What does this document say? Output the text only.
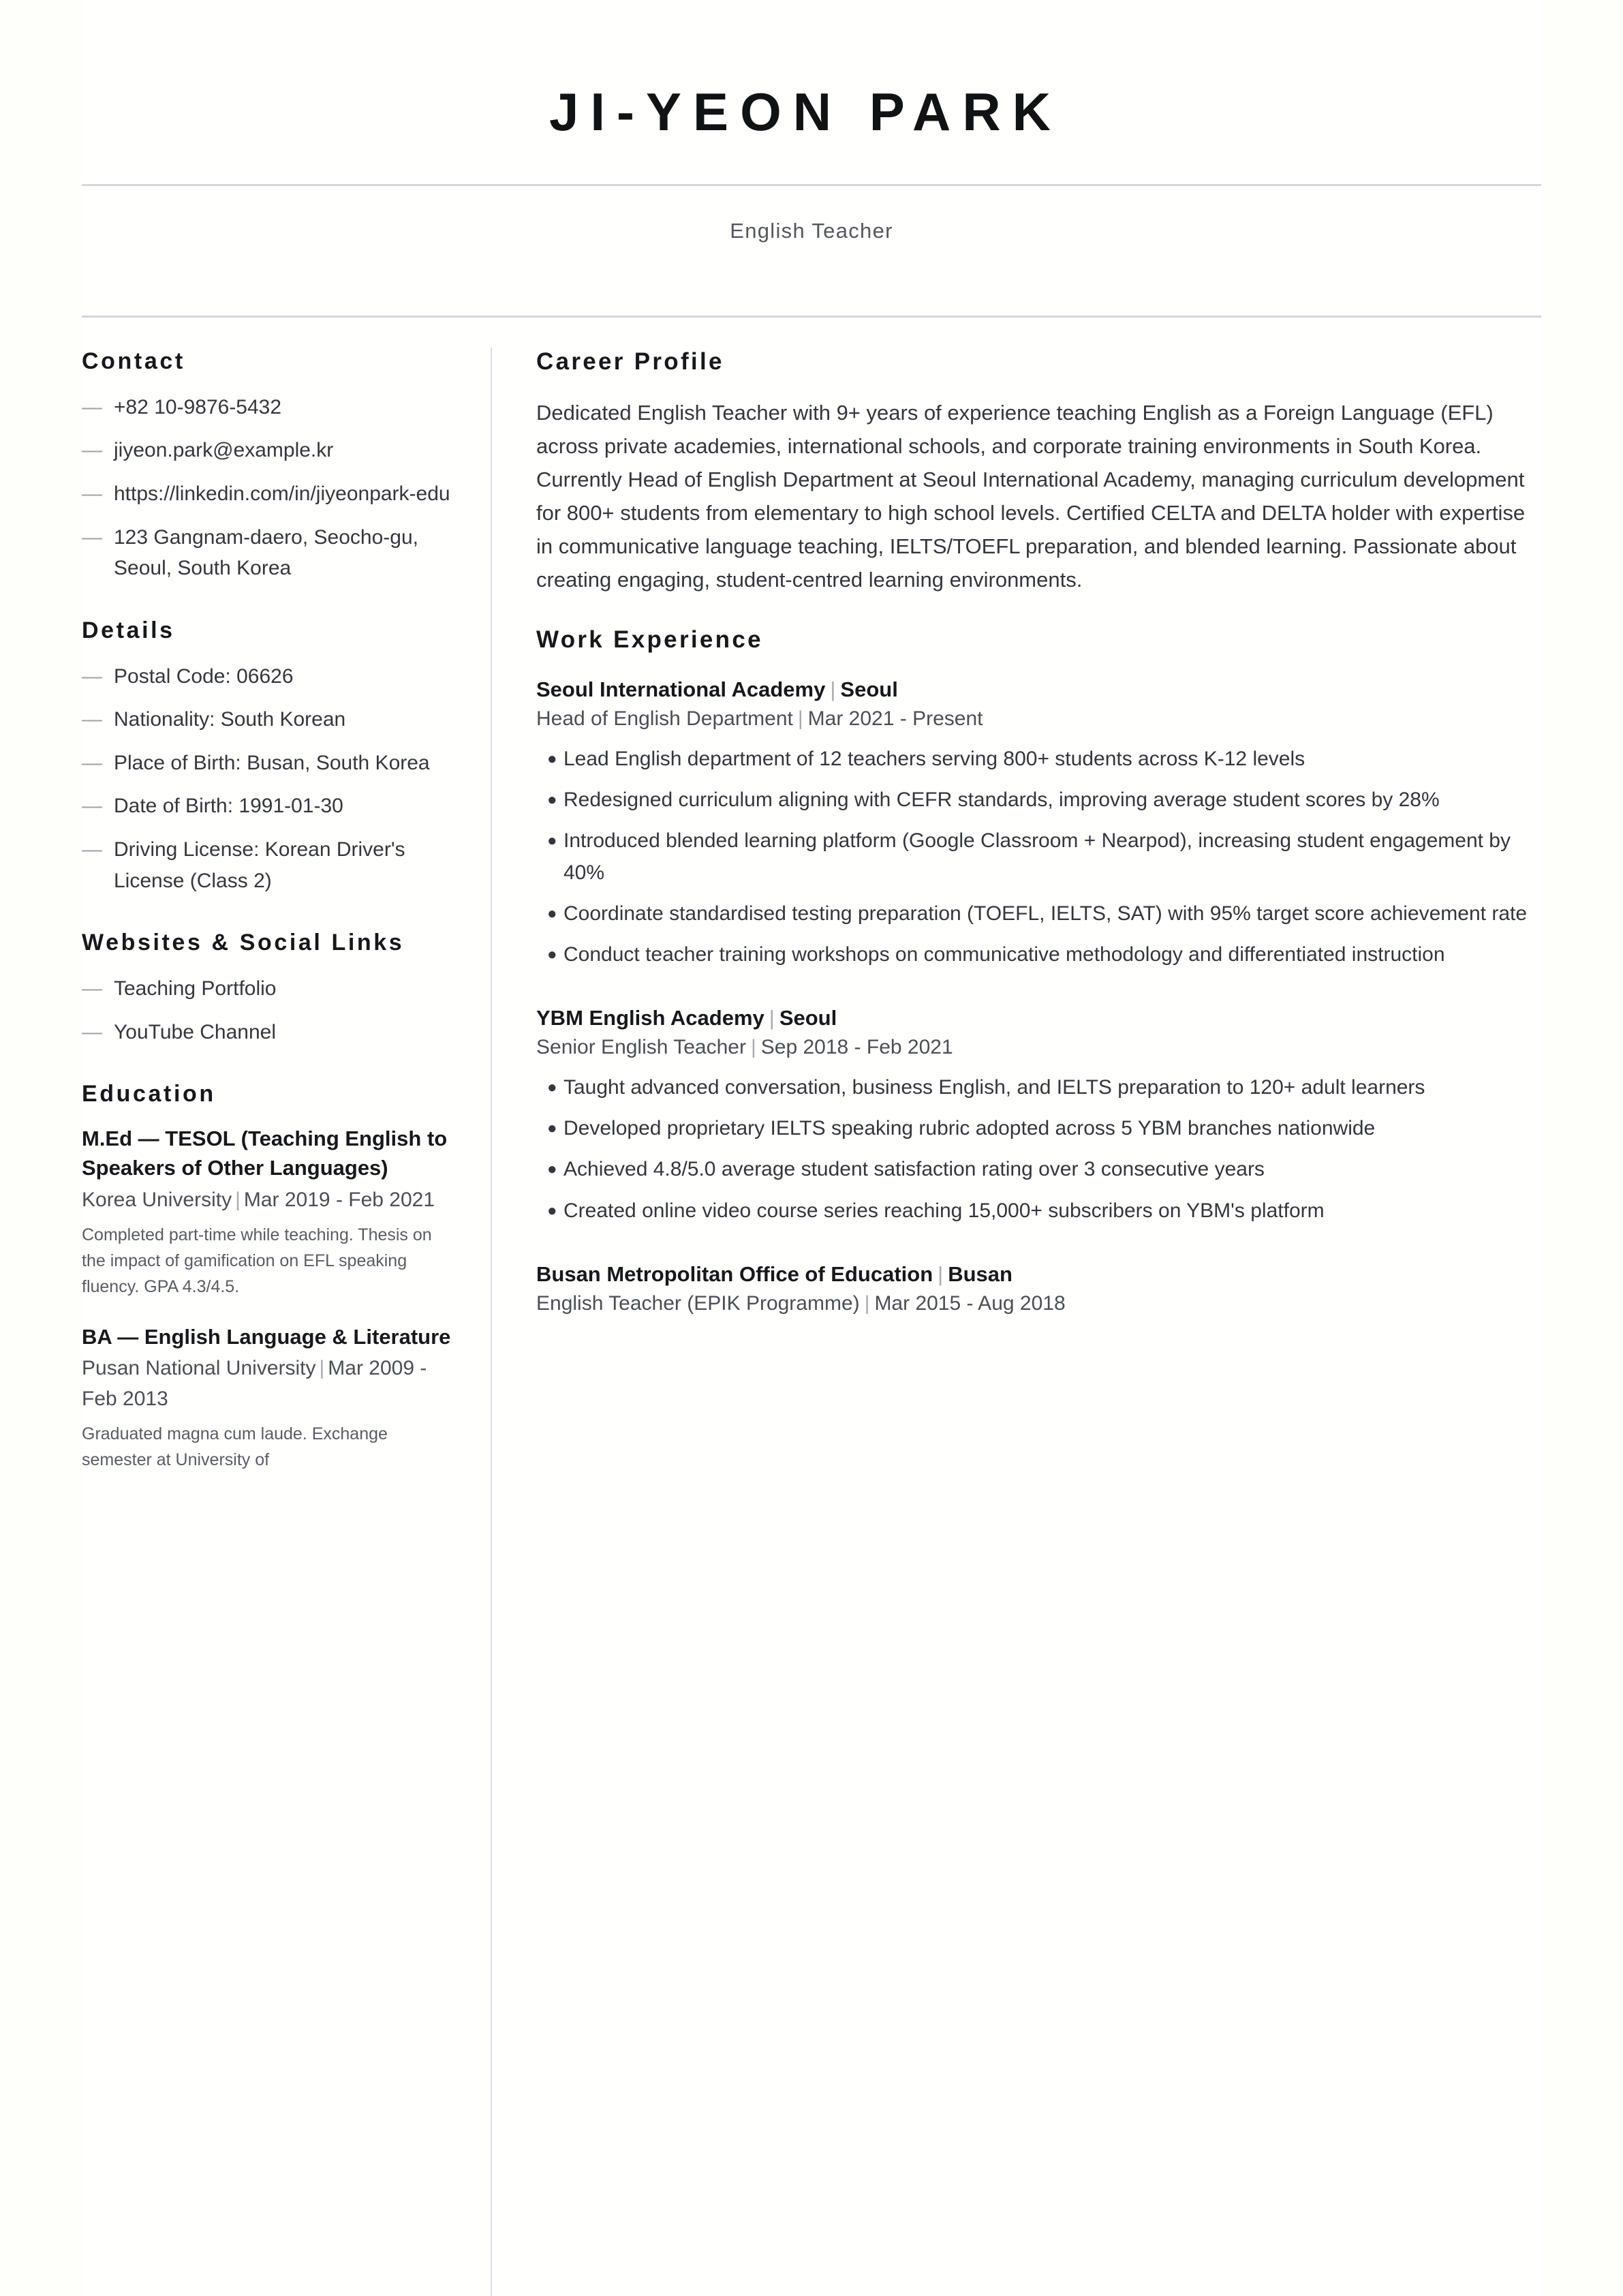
JI-YEON PARK
English Teacher
Contact
— +82 10-9876-5432
— jiyeon.park@example.kr
— https://linkedin.com/in/jiyeonpark-edu
— 123 Gangnam-daero, Seocho-gu, Seoul, South Korea
Details
— Postal Code: 06626
— Nationality: South Korean
— Place of Birth: Busan, South Korea
— Date of Birth: 1991-01-30
— Driving License: Korean Driver's License (Class 2)
Websites & Social Links
— Teaching Portfolio
— YouTube Channel
Education
M.Ed — TESOL (Teaching English to Speakers of Other Languages)
Korea University | Mar 2019 - Feb 2021
Completed part-time while teaching. Thesis on the impact of gamification on EFL speaking fluency. GPA 4.3/4.5.
BA — English Language & Literature
Pusan National University | Mar 2009 - Feb 2013
Graduated magna cum laude. Exchange semester at University of
Career Profile

Dedicated English Teacher with 9+ years of experience teaching English as a Foreign Language (EFL) across private academies, international schools, and corporate training environments in South Korea. Currently Head of English Department at Seoul International Academy, managing curriculum development for 800+ students from elementary to high school levels. Certified CELTA and DELTA holder with expertise in communicative language teaching, IELTS/TOEFL preparation, and blended learning. Passionate about creating engaging, student-centred learning environments.

Work Experience
Seoul International Academy | Seoul
Head of English Department | Mar 2021 - Present
● Lead English department of 12 teachers serving 800+ students across K-12 levels
● Redesigned curriculum aligning with CEFR standards, improving average student scores by 28%
● Introduced blended learning platform (Google Classroom + Nearpod), increasing student engagement by 40%
● Coordinate standardised testing preparation (TOEFL, IELTS, SAT) with 95% target score achievement rate
● Conduct teacher training workshops on communicative methodology and differentiated instruction
YBM English Academy | Seoul
Senior English Teacher | Sep 2018 - Feb 2021
● Taught advanced conversation, business English, and IELTS preparation to 120+ adult learners
● Developed proprietary IELTS speaking rubric adopted across 5 YBM branches nationwide
● Achieved 4.8/5.0 average student satisfaction rating over 3 consecutive years
● Created online video course series reaching 15,000+ subscribers on YBM's platform
Busan Metropolitan Office of Education | Busan
English Teacher (EPIK Programme) | Mar 2015 - Aug 2018
